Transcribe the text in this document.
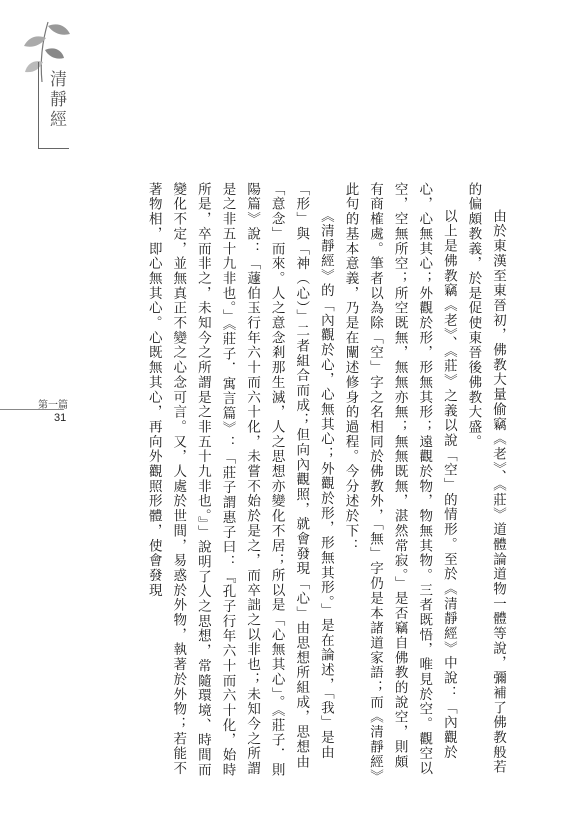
清靜經
第一篇
31	由於東漢至東晉初，佛教大量偷竊《老》、《莊》道體論道物一體等說，彌補了佛教般若的偏頗教義，於是促使東晉後佛教大盛。

以上是佛教竊《老》、《莊》之義以說「空」的情形。至於《清靜經》中說：「內觀於心，心無其心；外觀於形，形無其形；遠觀於物，物無其物。三者既悟，唯見於空。觀空以空，空無所空；所空既無，無無亦無；無無既無，湛然常寂。」是否竊自佛教的說空，則頗有商榷處。筆者以為除「空」字之名相同於佛教外，「無」字仍是本諸道家語；而《清靜經》此句的基本意義，乃是在闡述修身的過程。今分述於下：

《清靜經》的「內觀於心，心無其心；外觀於形，形無其形。」是在論述，「我」是由「形」與「神（心）」二者組合而成；但向內觀照，就會發現「心」由思想所組成，思想由「意念」而來。人之意念剎那生滅，人之思想亦變化不居；所以是「心無其心」。《莊子．則陽篇》說：「蘧伯玉行年六十而六十化，未嘗不始於是之，而卒詘之以非也；未知今之所謂是之非五十九非也。」《莊子．寓言篇》：「莊子謂惠子曰：『孔子行年六十而六十化，始時所是，卒而非之，未知今之所謂是之非五十九非也。』」說明了人之思想，常隨環境、時間而變化不定，並無真正不變之心念可言。又，人處於世間，易惑於外物，執著於外物；若能不著物相，即心無其心。心既無其心，再向外觀照形體，使會發現
